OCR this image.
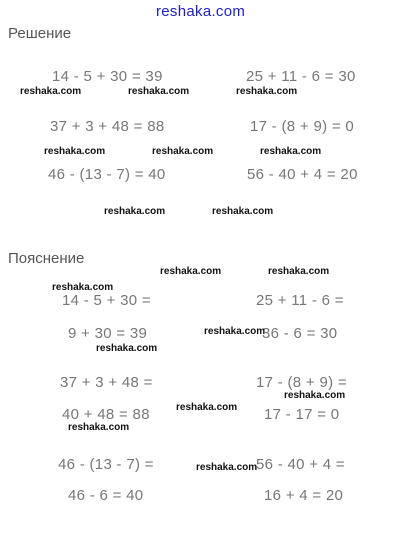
reshaka.com
Решение
14 - 5 + 30 = 39	25 + 11 - 6 = 30
37 + 3 + 48 = 88	17 - (8 + 9) = 0
46 - (13 - 7) = 40	56 - 40 + 4 = 20
reshaka.com	reshaka.com	reshaka.com
reshaka.com	reshaka.com	reshaka.com
reshaka.com	reshaka.com
Пояснение
14 - 5 + 30 =
9 + 30 = 39
25 + 11 - 6 =
36 - 6 = 30
37 + 3 + 48 =
40 + 48 = 88
17 - (8 + 9) =
17 - 17 = 0
46 - (13 - 7) =
46 - 6 = 40
56 - 40 + 4 =
16 + 4 = 20
reshaka.com	reshaka.com
reshaka.com
reshaka.com
reshaka.com
reshaka.com
reshaka.com
reshaka.com
reshaka.com
